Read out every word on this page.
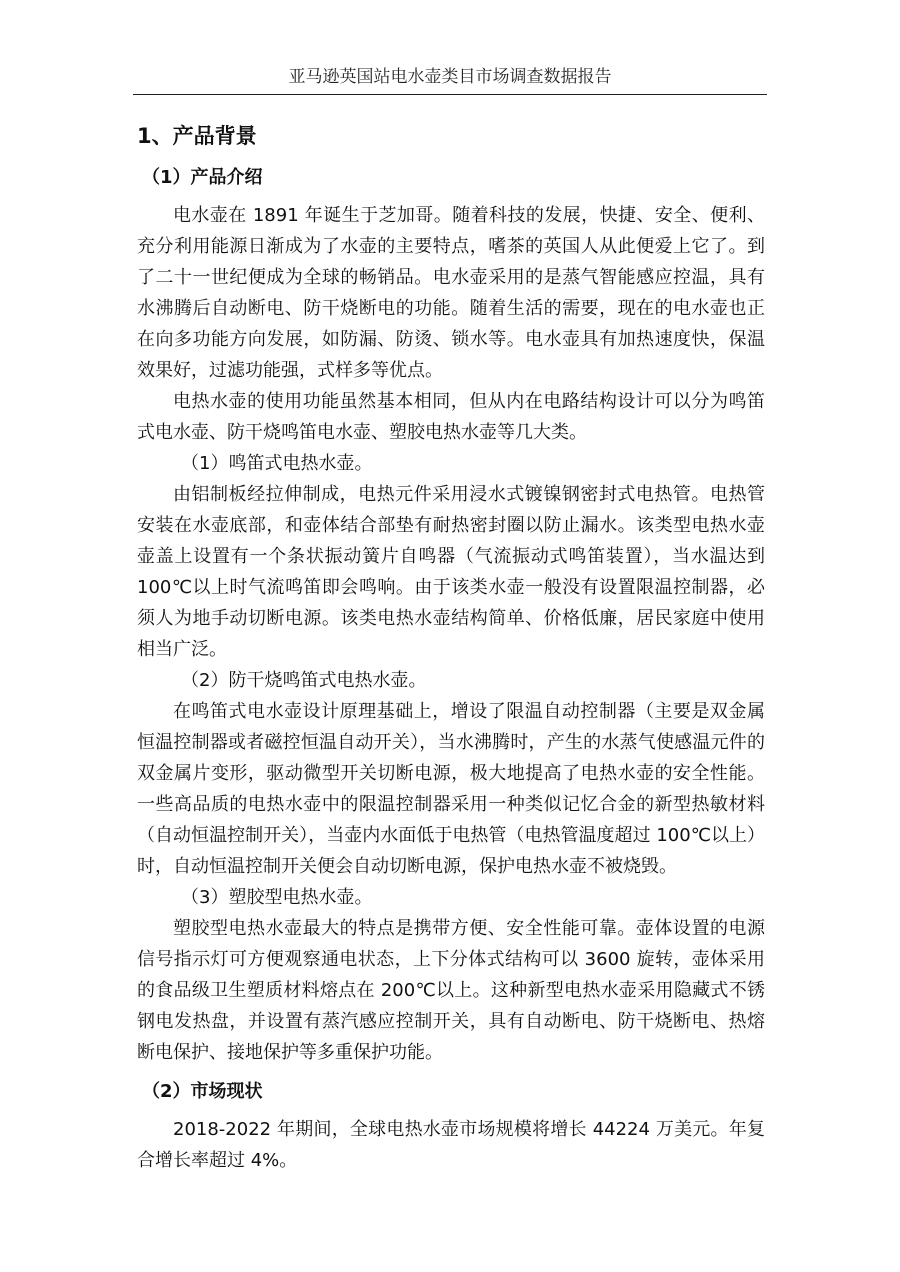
亚马逊英国站电水壶类目市场调查数据报告
1、产品背景
（1）产品介绍

电水壶在 1891 年诞生于芝加哥。随着科技的发展，快捷、安全、便利、充分利用能源日渐成为了水壶的主要特点，嗜茶的英国人从此便爱上它了。到了二十一世纪便成为全球的畅销品。电水壶采用的是蒸气智能感应控温，具有水沸腾后自动断电、防干烧断电的功能。随着生活的需要，现在的电水壶也正在向多功能方向发展，如防漏、防烫、锁水等。电水壶具有加热速度快，保温效果好，过滤功能强，式样多等优点。

电热水壶的使用功能虽然基本相同，但从内在电路结构设计可以分为鸣笛式电水壶、防干烧鸣笛电水壶、塑胶电热水壶等几大类。

（1）鸣笛式电热水壶。

由铝制板经拉伸制成，电热元件采用浸水式镀镍钢密封式电热管。电热管安装在水壶底部，和壶体结合部垫有耐热密封圈以防止漏水。该类型电热水壶壶盖上设置有一个条状振动簧片自鸣器（气流振动式鸣笛装置），当水温达到 100℃以上时气流鸣笛即会鸣响。由于该类水壶一般没有设置限温控制器，必须人为地手动切断电源。该类电热水壶结构简单、价格低廉，居民家庭中使用相当广泛。

（2）防干烧鸣笛式电热水壶。

在鸣笛式电水壶设计原理基础上，增设了限温自动控制器（主要是双金属恒温控制器或者磁控恒温自动开关），当水沸腾时，产生的水蒸气使感温元件的双金属片变形，驱动微型开关切断电源，极大地提高了电热水壶的安全性能。一些高品质的电热水壶中的限温控制器采用一种类似记忆合金的新型热敏材料（自动恒温控制开关），当壶内水面低于电热管（电热管温度超过 100℃以上）时，自动恒温控制开关便会自动切断电源，保护电热水壶不被烧毁。

（3）塑胶型电热水壶。

塑胶型电热水壶最大的特点是携带方便、安全性能可靠。壶体设置的电源信号指示灯可方便观察通电状态，上下分体式结构可以 3600 旋转，壶体采用的食品级卫生塑质材料熔点在 200℃以上。这种新型电热水壶采用隐藏式不锈钢电发热盘，并设置有蒸汽感应控制开关，具有自动断电、防干烧断电、热熔断电保护、接地保护等多重保护功能。

（2）市场现状

2018-2022 年期间，全球电热水壶市场规模将增长 44224 万美元。年复合增长率超过 4%。
